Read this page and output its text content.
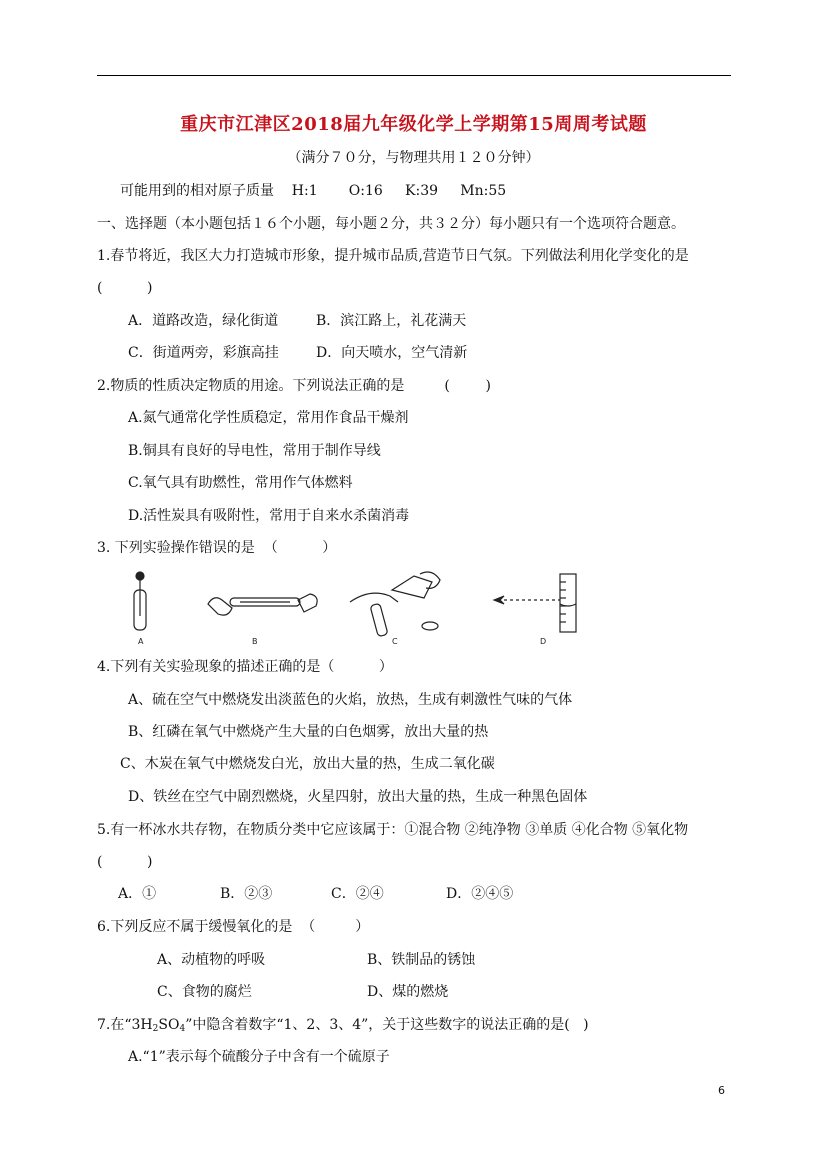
重庆市江津区2018届九年级化学上学期第15周周考试题
（满分７０分，与物理共用１２０分钟）
可能用到的相对原子质量    H:1       O:16     K:39     Mn:55
一、选择题（本小题包括１６个小题，每小题２分，共３２分）每小题只有一个选项符合题意。
1.春节将近，我区大力打造城市形象，提升城市品质,营造节日气氛。下列做法利用化学变化的是
(          )
A．道路改造，绿化街道	B．滨江路上，礼花满天
C．街道两旁，彩旗高挂	D．向天喷水，空气清新
2.物质的性质决定物质的用途。下列说法正确的是         (        )
A.氮气通常化学性质稳定，常用作食品干燥剂
B.铜具有良好的导电性，常用于制作导线
C.氧气具有助燃性，常用作气体燃料
D.活性炭具有吸附性，常用于自来水杀菌消毒
3. 下列实验操作错误的是  （          ）
A	B	C	D
4.下列有关实验现象的描述正确的是（          ）
A、硫在空气中燃烧发出淡蓝色的火焰，放热，生成有刺激性气味的气体
B、红磷在氧气中燃烧产生大量的白色烟雾，放出大量的热
C、木炭在氧气中燃烧发白光，放出大量的热，生成二氧化碳
D、铁丝在空气中剧烈燃烧，火星四射，放出大量的热，生成一种黑色固体
5.有一杯冰水共存物，在物质分类中它应该属于：①混合物 ②纯净物 ③单质 ④化合物 ⑤氧化物
(          )
A．①	B．②③	C．②④	D．②④⑤
6.下列反应不属于缓慢氧化的是  （         ）
A、动植物的呼吸	B、铁制品的锈蚀
C、食物的腐烂	D、煤的燃烧
7.在“$3H_2SO_4$”中隐含着数字“1、2、3、4”，关于这些数字的说法正确的是(   )
A.“1”表示每个硫酸分子中含有一个硫原子
6
